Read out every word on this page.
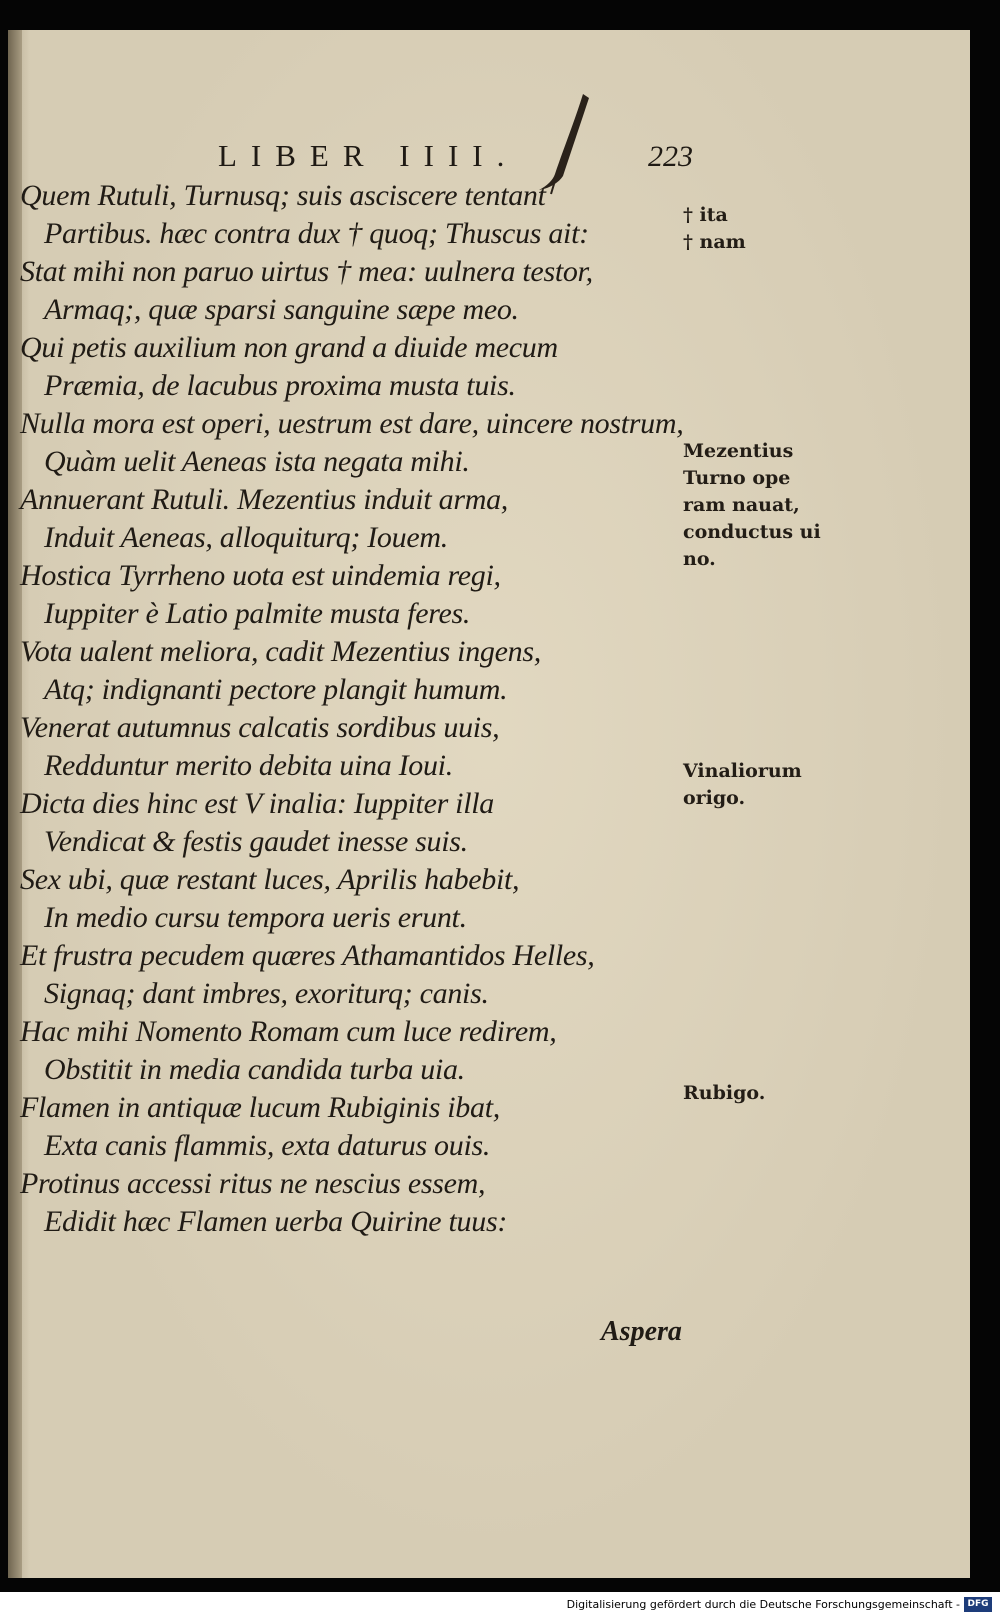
LIBER IIII.	223
Quem Rutuli, Turnusq; suis asciscere tentant
Partibus. hæc contra dux † quoq; Thuscus ait:
Stat mihi non paruo uirtus † mea: uulnera testor,
Armaq;, quæ sparsi sanguine sæpe meo.
Qui petis auxilium non grand a diuide mecum
Præmia, de lacubus proxima musta tuis.
Nulla mora est operi, uestrum est dare, uincere nostrum,
Quàm uelit Aeneas ista negata mihi.
Annuerant Rutuli. Mezentius induit arma,
Induit Aeneas, alloquiturq; Iouem.
Hostica Tyrrheno uota est uindemia regi,
Iuppiter è Latio palmite musta feres.
Vota ualent meliora, cadit Mezentius ingens,
Atq; indignanti pectore plangit humum.
Venerat autumnus calcatis sordibus uuis,
Redduntur merito debita uina Ioui.
Dicta dies hinc est V inalia: Iuppiter illa
Vendicat & festis gaudet inesse suis.
Sex ubi, quæ restant luces, Aprilis habebit,
In medio cursu tempora ueris erunt.
Et frustra pecudem quæres Athamantidos Helles,
Signaq; dant imbres, exoriturq; canis.
Hac mihi Nomento Romam cum luce redirem,
Obstitit in media candida turba uia.
Flamen in antiquæ lucum Rubiginis ibat,
Exta canis flammis, exta daturus ouis.
Protinus accessi ritus ne nescius essem,
Edidit hæc Flamen uerba Quirine tuus:
† ita
† nam
Mezentius
Turno ope
ram nauat,
conductus ui
no.
Vinaliorum
origo.
Rubigo.
Aspera
Digitalisierung gefördert durch die Deutsche Forschungsgemeinschaft - DFG
